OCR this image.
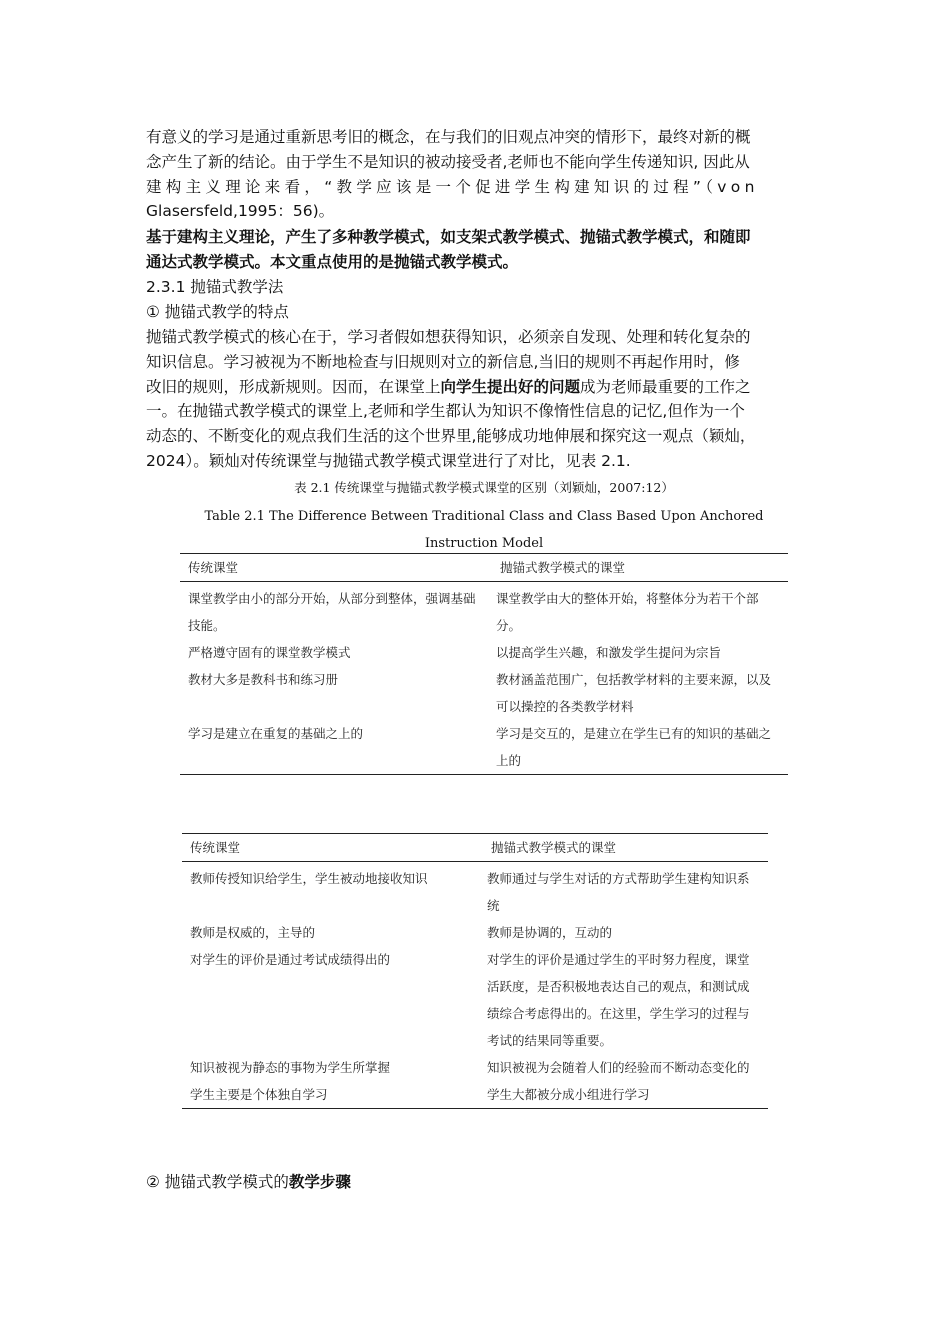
有意义的学习是通过重新思考旧的概念，在与我们的旧观点冲突的情形下，最终对新的概
念产生了新的结论。由于学生不是知识的被动接受者,老师也不能向学生传递知识, 因此从
建构主义理论来看，“教学应该是一个促进学生构建知识的过程”（von
Glasersfeld,1995：56)。
基于建构主义理论，产生了多种教学模式，如支架式教学模式、抛锚式教学模式，和随即
通达式教学模式。本文重点使用的是抛锚式教学模式。
2.3.1 抛锚式教学法
① 抛锚式教学的特点
抛锚式教学模式的核心在于，学习者假如想获得知识，必须亲自发现、处理和转化复杂的
知识信息。学习被视为不断地检查与旧规则对立的新信息,当旧的规则不再起作用时，修
改旧的规则，形成新规则。因而，在课堂上向学生提出好的问题成为老师最重要的工作之
一。在抛锚式教学模式的课堂上,老师和学生都认为知识不像惰性信息的记忆,但作为一个
动态的、不断变化的观点我们生活的这个世界里,能够成功地伸展和探究这一观点（颖灿，
2024）。颖灿对传统课堂与抛锚式教学模式课堂进行了对比，见表 2.1.
表 2.1 传统课堂与抛锚式教学模式课堂的区别（刘颖灿，2007:12）
Table 2.1 The Difference Between Traditional Class and Class Based Upon Anchored Instruction Model
传统课堂	抛锚式教学模式的课堂
课堂教学由小的部分开始，从部分到整体，强调基础技能。	课堂教学由大的整体开始，将整体分为若干个部分。
严格遵守固有的课堂教学模式	以提高学生兴趣，和激发学生提问为宗旨
教材大多是教科书和练习册	教材涵盖范围广，包括教学材料的主要来源，以及可以操控的各类教学材料
学习是建立在重复的基础之上的	学习是交互的，是建立在学生已有的知识的基础之上的
传统课堂	抛锚式教学模式的课堂
教师传授知识给学生，学生被动地接收知识	教师通过与学生对话的方式帮助学生建构知识系统
教师是权威的，主导的	教师是协调的，互动的
对学生的评价是通过考试成绩得出的	对学生的评价是通过学生的平时努力程度，课堂活跃度，是否积极地表达自己的观点，和测试成绩综合考虑得出的。在这里，学生学习的过程与考试的结果同等重要。
知识被视为静态的事物为学生所掌握	知识被视为会随着人们的经验而不断动态变化的
学生主要是个体独自学习	学生大都被分成小组进行学习
② 抛锚式教学模式的教学步骤
